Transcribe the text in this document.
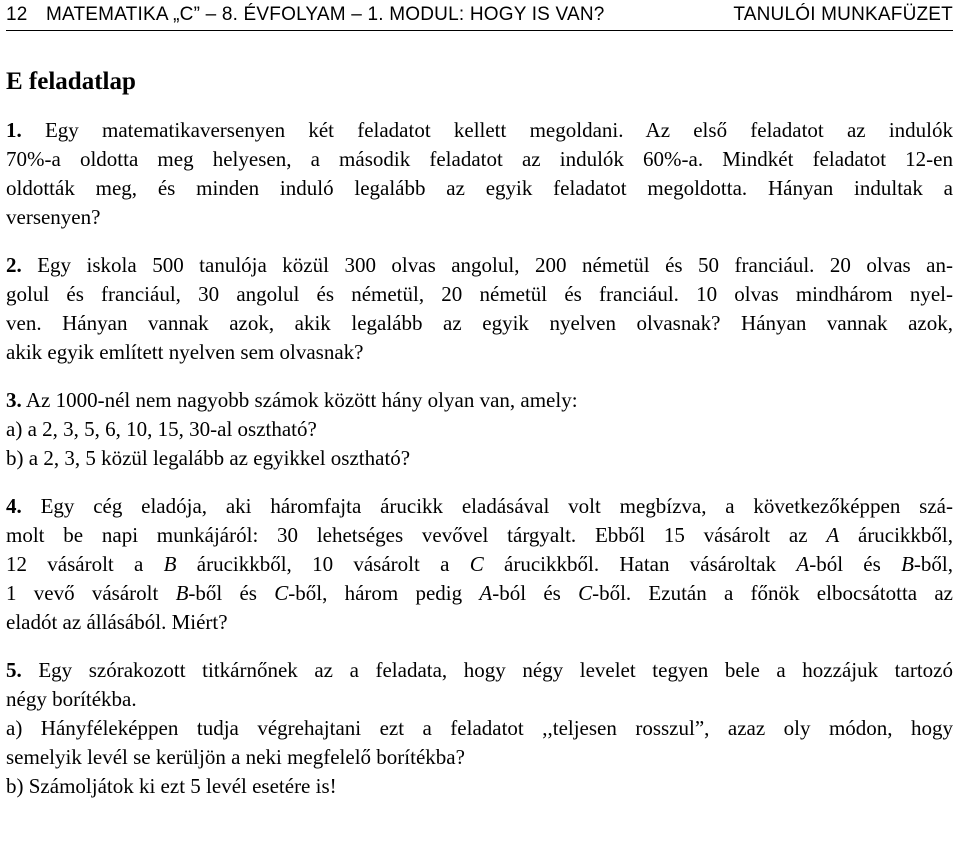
12 MATEMATIKA „C” – 8. ÉVFOLYAM – 1. MODUL: HOGY IS VAN?	TANULÓI MUNKAFÜZET
E feladatlap

1. Egy matematikaversenyen két feladatot kellett megoldani. Az első feladatot az indulók
70%-a oldotta meg helyesen, a második feladatot az indulók 60%-a. Mindkét feladatot 12-en
oldották meg, és minden induló legalább az egyik feladatot megoldotta. Hányan indultak a
versenyen?

2. Egy iskola 500 tanulója közül 300 olvas angolul, 200 németül és 50 franciául. 20 olvas an-
golul és franciául, 30 angolul és németül, 20 németül és franciául. 10 olvas mindhárom nyel-
ven. Hányan vannak azok, akik legalább az egyik nyelven olvasnak? Hányan vannak azok,
akik egyik említett nyelven sem olvasnak?

3. Az 1000-nél nem nagyobb számok között hány olyan van, amely:
a) a 2, 3, 5, 6, 10, 15, 30-al osztható?
b) a 2, 3, 5 közül legalább az egyikkel osztható?

4. Egy cég eladója, aki háromfajta árucikk eladásával volt megbízva, a következőképpen szá-
molt be napi munkájáról: 30 lehetséges vevővel tárgyalt. Ebből 15 vásárolt az A árucikkből,
12 vásárolt a B árucikkből, 10 vásárolt a C árucikkből. Hatan vásároltak A-ból és B-ből,
1 vevő vásárolt B-ből és C-ből, három pedig A-ból és C-ből. Ezután a főnök elbocsátotta az
eladót az állásából. Miért?

5. Egy szórakozott titkárnőnek az a feladata, hogy négy levelet tegyen bele a hozzájuk tartozó
négy borítékba.
a) Hányféleképpen tudja végrehajtani ezt a feladatot ,,teljesen rosszul”, azaz oly módon, hogy
semelyik levél se kerüljön a neki megfelelő borítékba?
b) Számoljátok ki ezt 5 levél esetére is!
